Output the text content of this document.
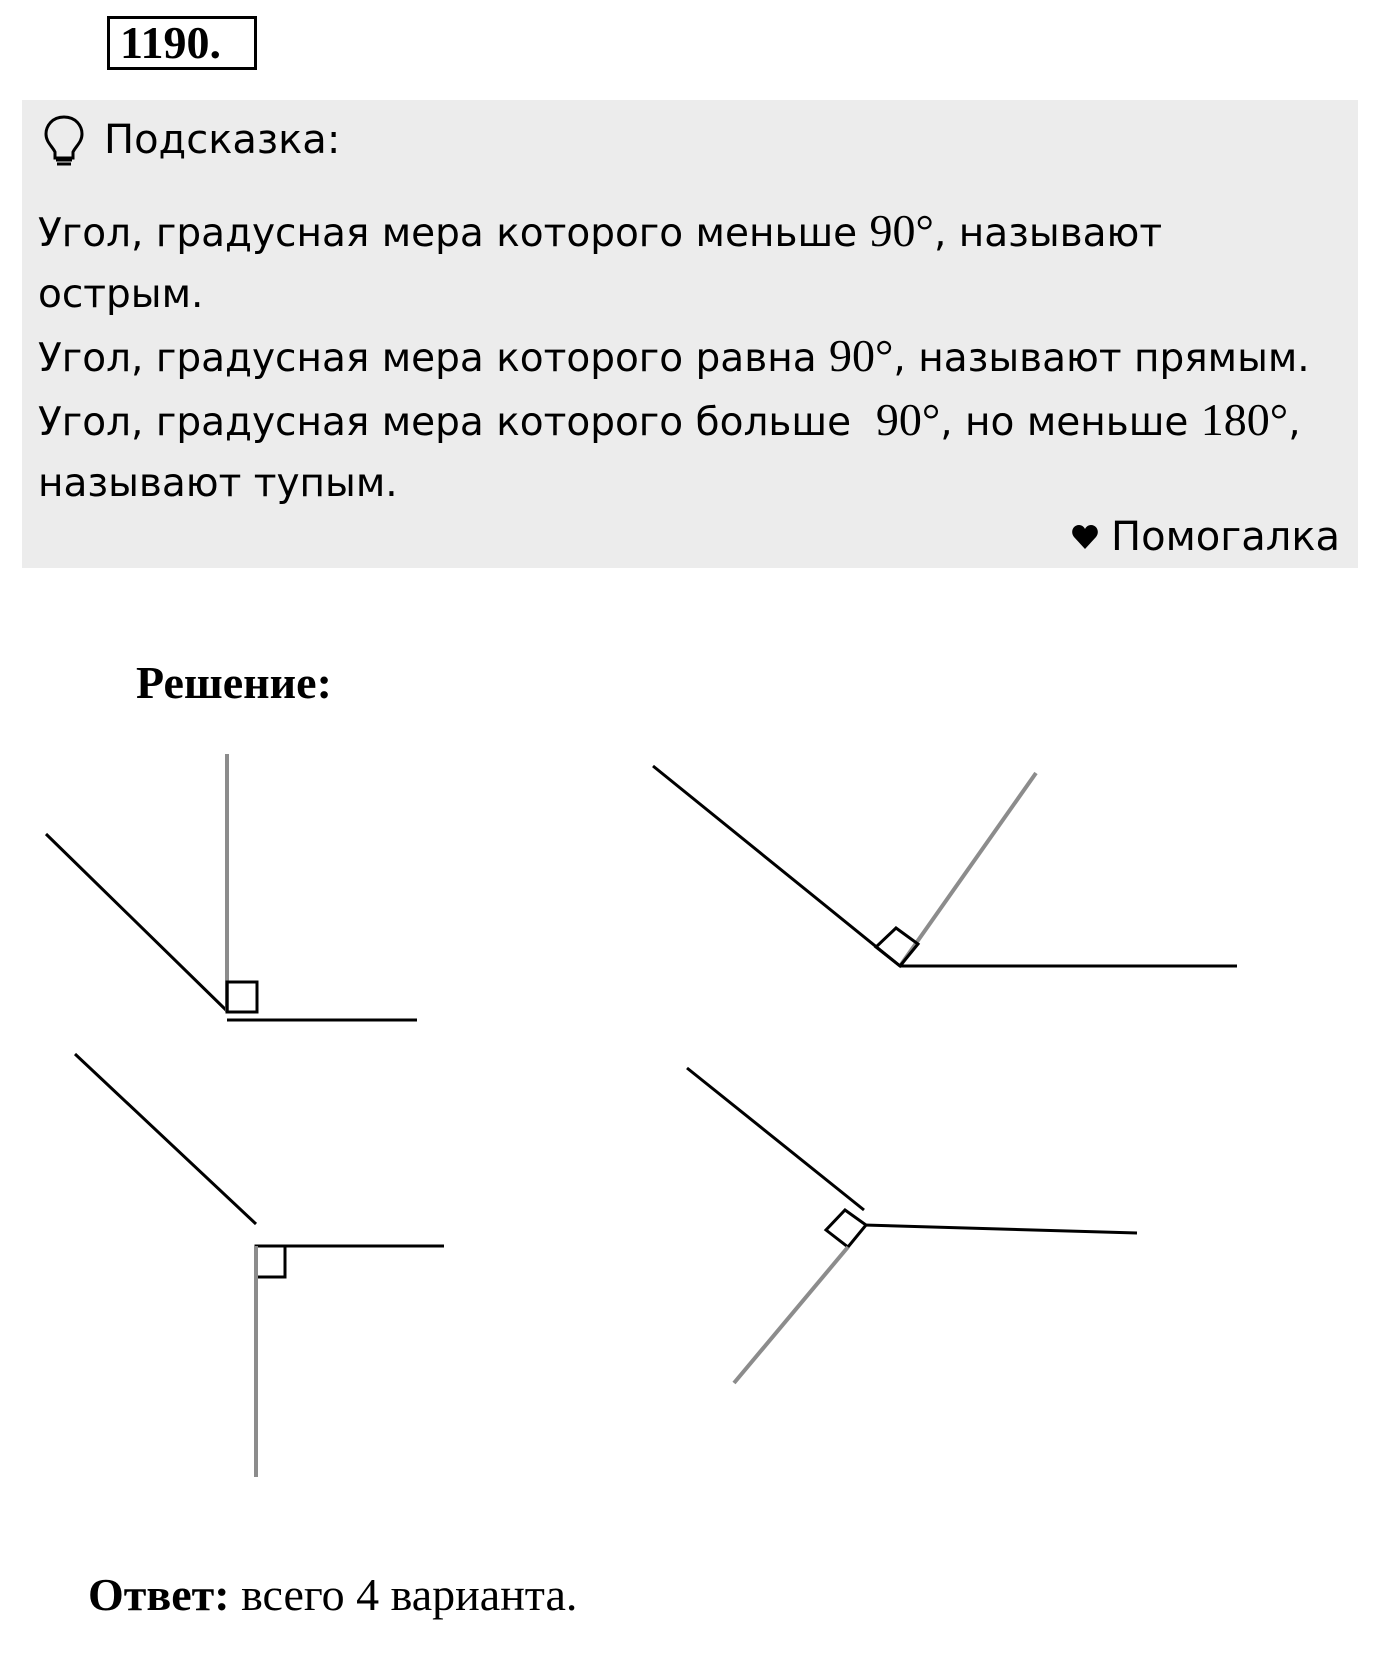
1190.
Подсказка:
Угол, градусная мера которого меньше 90°, называют
острым.
Угол, градусная мера которого равна 90°, называют прямым.
Угол, градусная мера которого больше  90°, но меньше 180°,
называют тупым.
Помогалка
Решение:
Ответ: всего 4 варианта.
